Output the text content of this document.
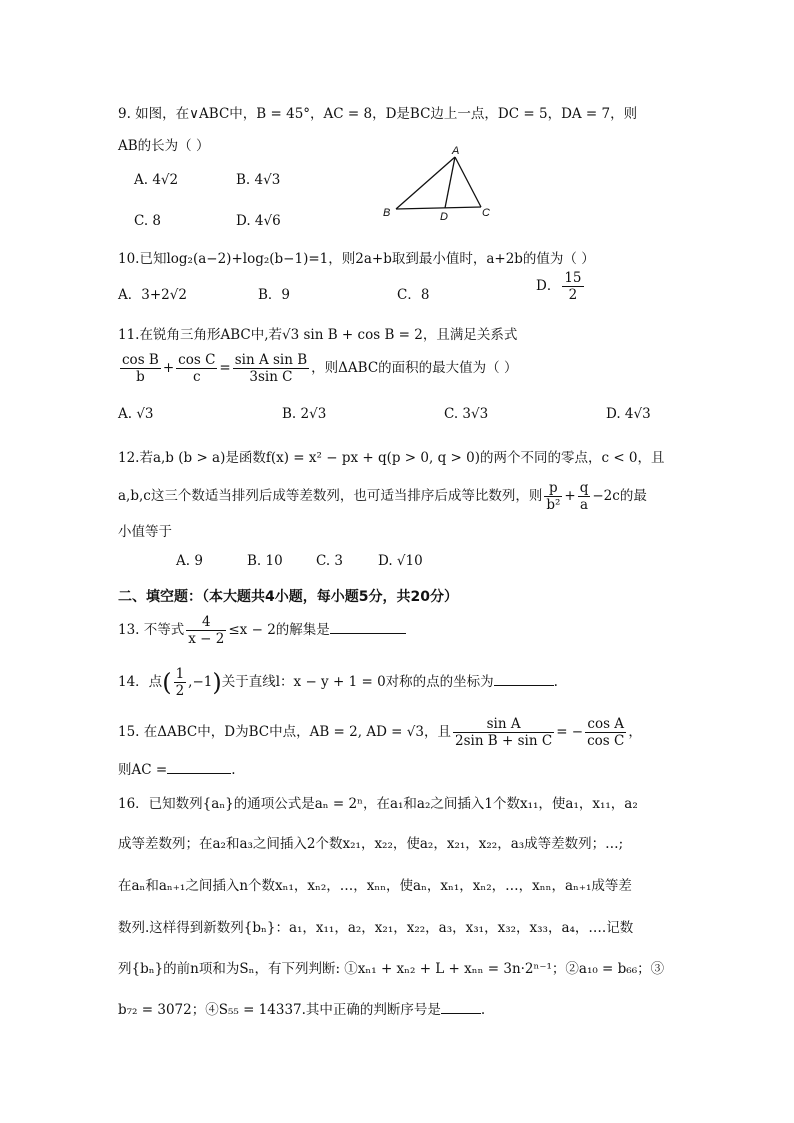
9. 如图，在∨ABC中，B = 45°，AC = 8，D是BC边上一点，DC = 5，DA = 7，则
AB的长为（ ）
A. 4√2	B. 4√3
C. 8	D. 4√6
A
B	D	C
10.已知log₂(a−2)+log₂(b−1)=1，则2a+b取到最小值时，a+2b的值为（ ）
A．3+2√2	B．9	C．8
D． $\frac{15}{2}$
11.在锐角三角形ABC中,若√3 sin B + cos B = 2，且满足关系式
$\frac{\text{cos B}}{b} + \frac{\text{cos C}}{c} = \frac{\text{sin A sin B}}{\text{3sin C}}$ ，则ΔABC的面积的最大值为（ ）
A. √3	B. 2√3	C. 3√3	D. 4√3
12.若a,b (b > a)是函数f(x) = x² − px + q(p > 0, q > 0)的两个不同的零点，c < 0，且
a,b,c这三个数适当排列后成等差数列，也可适当排序后成等比数列，则 $\frac{p}{\text{b²}} + \frac{q}{a} -2c$的最
小值等于
A. 9	B. 10 C. 3	D. √10
二、填空题：（本大题共4小题，每小题5分，共20分）
13. 不等式 $\frac{4}{x - 2} \le x - 2$的解集是
14．点( $\frac{1}{2} ,-1$)关于直线l：x − y + 1 = 0对称的点的坐标为	.
15. 在ΔABC中，D为BC中点，AB = 2, AD = √3，且 $\frac{\text{sin A}}{\text{2sin B + sin C}}$ = − $\frac{\text{cos A}}{\text{cos C}}$ ，
则AC =	.
16．已知数列{aₙ}的通项公式是aₙ = 2ⁿ，在a₁和a₂之间插入1个数x₁₁，使a₁，x₁₁，a₂
成等差数列；在a₂和a₃之间插入2个数x₂₁，x₂₂，使a₂，x₂₁，x₂₂，a₃成等差数列；…;
在aₙ和aₙ₊₁之间插入n个数xₙ₁，xₙ₂，…，xₙₙ，使aₙ，xₙ₁，xₙ₂，…，xₙₙ，aₙ₊₁成等差
数列.这样得到新数列{bₙ}：a₁，x₁₁，a₂，x₂₁，x₂₂，a₃，x₃₁，x₃₂，x₃₃，a₄，….记数
列{bₙ}的前n项和为Sₙ，有下列判断: ①xₙ₁ + xₙ₂ + L + xₙₙ = 3n·2ⁿ⁻¹；②a₁₀ = b₆₆；③
b₇₂ = 3072；④S₅₅ = 14337.其中正确的判断序号是	.
